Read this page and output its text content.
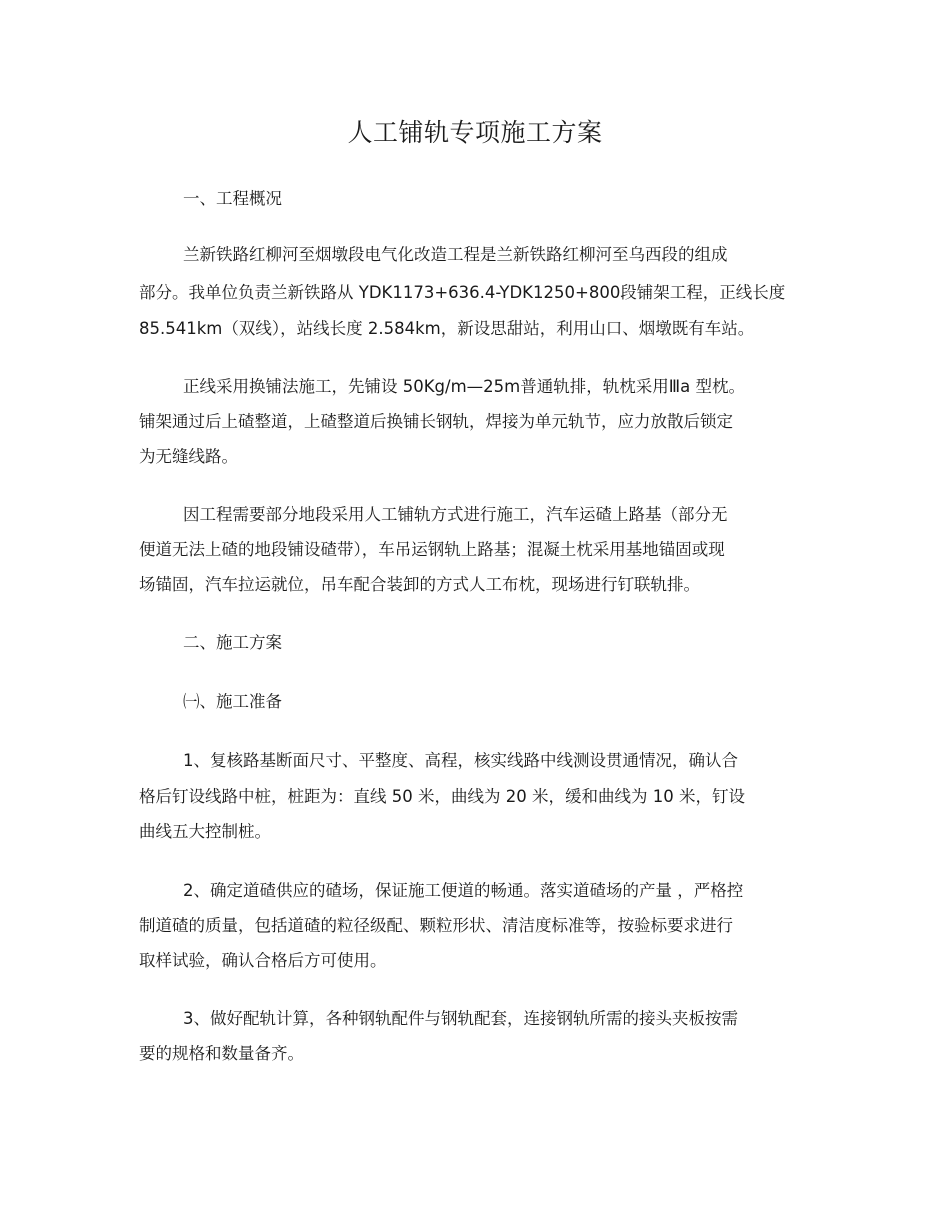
人工铺轨专项施工方案
一、工程概况
兰新铁路红柳河至烟墩段电气化改造工程是兰新铁路红柳河至乌西段的组成
部分。我单位负责兰新铁路从 YDK1173+636.4-YDK1250+800段铺架工程，正线长度
85.541km（双线），站线长度 2.584km，新设思甜站，利用山口、烟墩既有车站。
正线采用换铺法施工，先铺设 50Kg/m—25m普通轨排，轨枕采用Ⅲa 型枕。
铺架通过后上碴整道，上碴整道后换铺长钢轨，焊接为单元轨节，应力放散后锁定
为无缝线路。
因工程需要部分地段采用人工铺轨方式进行施工，汽车运碴上路基（部分无
便道无法上碴的地段铺设碴带），车吊运钢轨上路基；混凝土枕采用基地锚固或现
场锚固，汽车拉运就位，吊车配合装卸的方式人工布枕，现场进行钉联轨排。
二、施工方案
㈠、施工准备
1、复核路基断面尺寸、平整度、高程，核实线路中线测设贯通情况，确认合
格后钉设线路中桩，桩距为：直线 50 米，曲线为 20 米，缓和曲线为 10 米，钉设
曲线五大控制桩。
2、确定道碴供应的碴场，保证施工便道的畅通。落实道碴场的产量 ，严格控
制道碴的质量，包括道碴的粒径级配、颗粒形状、清洁度标准等，按验标要求进行
取样试验，确认合格后方可使用。
3、做好配轨计算，各种钢轨配件与钢轨配套，连接钢轨所需的接头夹板按需
要的规格和数量备齐。
